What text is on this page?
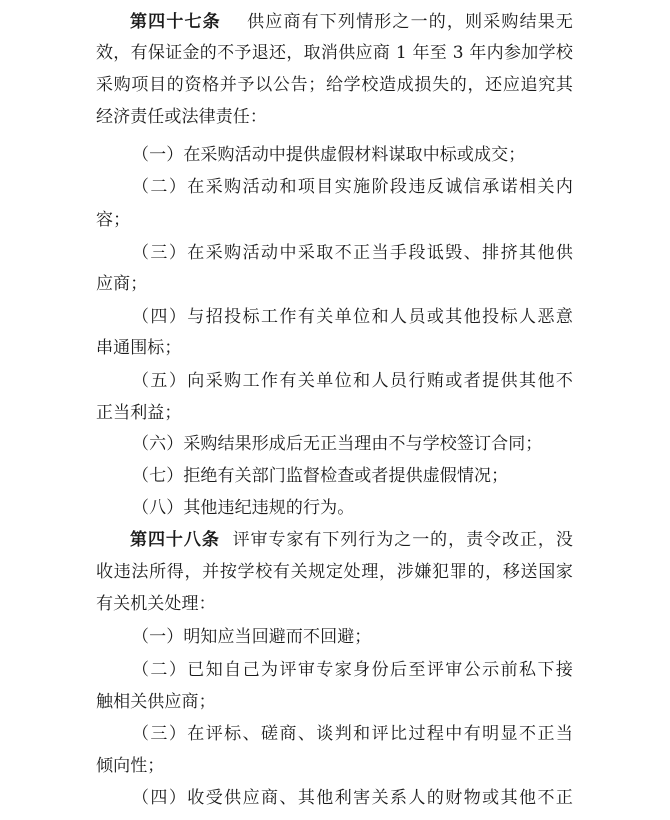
第四十七条 供应商有下列情形之一的，则采购结果无
效，有保证金的不予退还，取消供应商 1 年至 3 年内参加学校
采购项目的资格并予以公告；给学校造成损失的，还应追究其
经济责任或法律责任：
（一）在采购活动中提供虚假材料谋取中标或成交；
（二）在采购活动和项目实施阶段违反诚信承诺相关内
容；
（三）在采购活动中采取不正当手段诋毁、排挤其他供
应商；
（四）与招投标工作有关单位和人员或其他投标人恶意
串通围标；
（五）向采购工作有关单位和人员行贿或者提供其他不
正当利益；
（六）采购结果形成后无正当理由不与学校签订合同；
（七）拒绝有关部门监督检查或者提供虚假情况；
（八）其他违纪违规的行为。
第四十八条 评审专家有下列行为之一的，责令改正，没
收违法所得，并按学校有关规定处理，涉嫌犯罪的，移送国家
有关机关处理：
（一）明知应当回避而不回避；
（二）已知自己为评审专家身份后至评审公示前私下接
触相关供应商；
（三）在评标、磋商、谈判和评比过程中有明显不正当
倾向性；
（四）收受供应商、其他利害关系人的财物或其他不正
